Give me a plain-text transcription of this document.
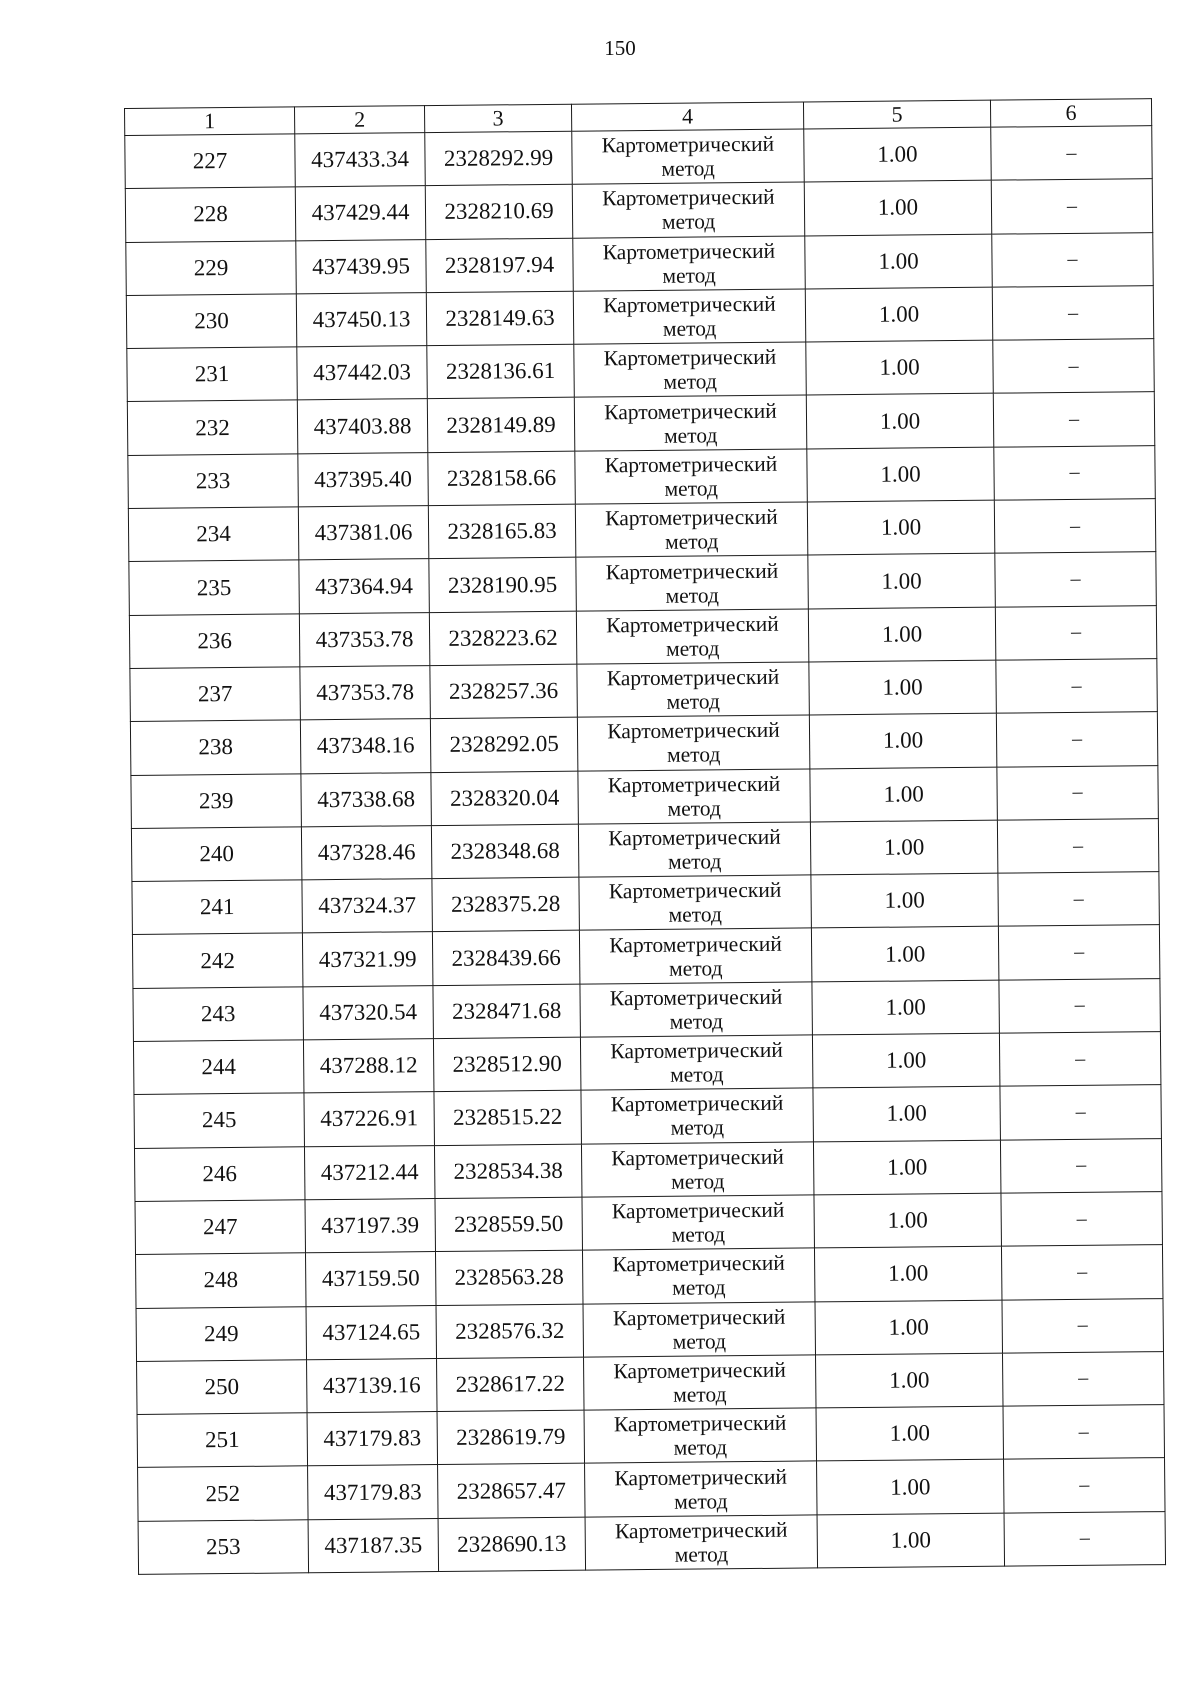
150
1	2	3	4	5	6
227	437433.34	2328292.99	Картометрический
метод	1.00	–
228	437429.44	2328210.69	Картометрический
метод	1.00	–
229	437439.95	2328197.94	Картометрический
метод	1.00	–
230	437450.13	2328149.63	Картометрический
метод	1.00	–
231	437442.03	2328136.61	Картометрический
метод	1.00	–
232	437403.88	2328149.89	Картометрический
метод	1.00	–
233	437395.40	2328158.66	Картометрический
метод	1.00	–
234	437381.06	2328165.83	Картометрический
метод	1.00	–
235	437364.94	2328190.95	Картометрический
метод	1.00	–
236	437353.78	2328223.62	Картометрический
метод	1.00	–
237	437353.78	2328257.36	Картометрический
метод	1.00	–
238	437348.16	2328292.05	Картометрический
метод	1.00	–
239	437338.68	2328320.04	Картометрический
метод	1.00	–
240	437328.46	2328348.68	Картометрический
метод	1.00	–
241	437324.37	2328375.28	Картометрический
метод	1.00	–
242	437321.99	2328439.66	Картометрический
метод	1.00	–
243	437320.54	2328471.68	Картометрический
метод	1.00	–
244	437288.12	2328512.90	Картометрический
метод	1.00	–
245	437226.91	2328515.22	Картометрический
метод	1.00	–
246	437212.44	2328534.38	Картометрический
метод	1.00	–
247	437197.39	2328559.50	Картометрический
метод	1.00	–
248	437159.50	2328563.28	Картометрический
метод	1.00	–
249	437124.65	2328576.32	Картометрический
метод	1.00	–
250	437139.16	2328617.22	Картометрический
метод	1.00	–
251	437179.83	2328619.79	Картометрический
метод	1.00	–
252	437179.83	2328657.47	Картометрический
метод	1.00	–
253	437187.35	2328690.13	Картометрический
метод	1.00	–
